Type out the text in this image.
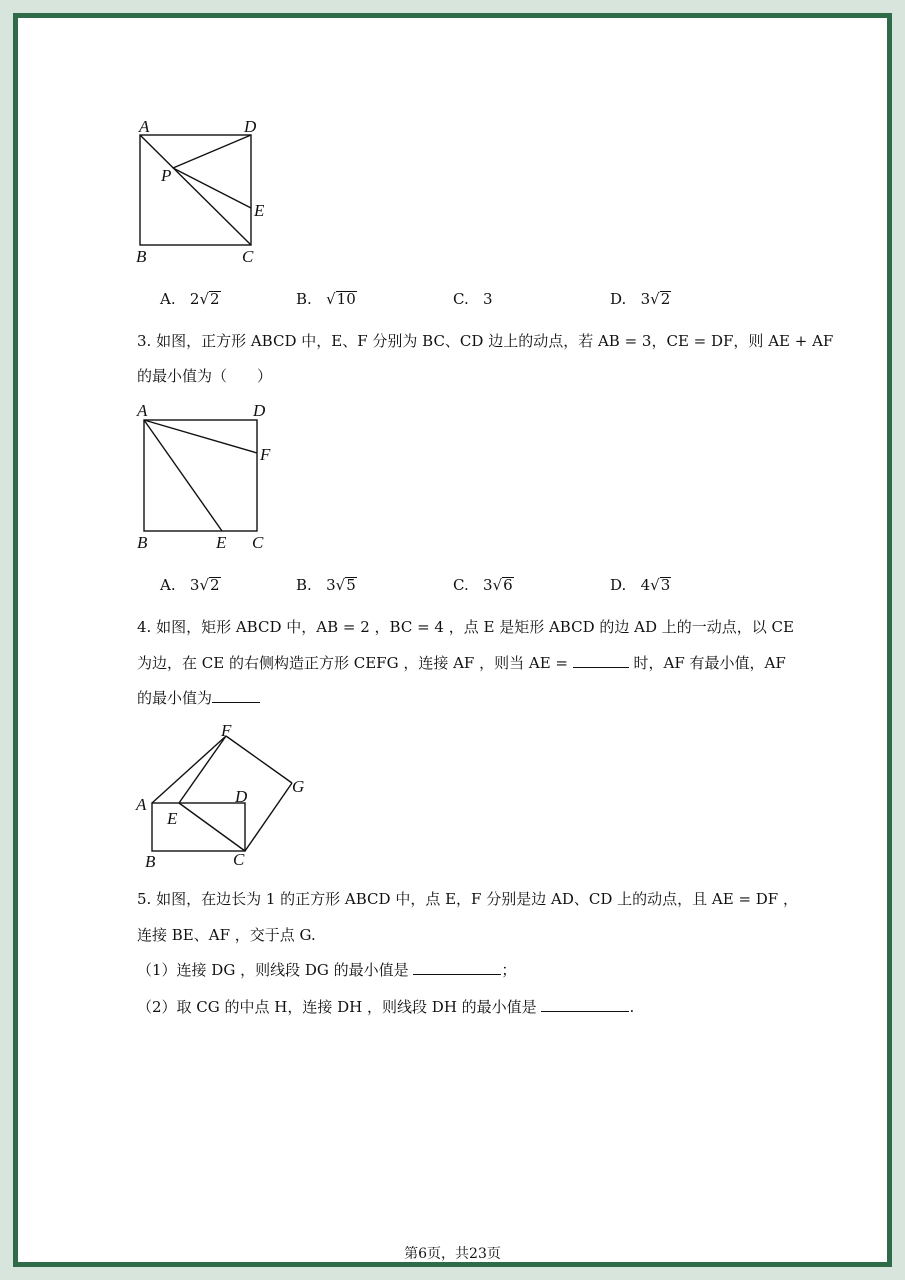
A	D
P
E
B	C
A. 2√2	B. √10	C. 3	D. 3√2
3. 如图，正方形 ABCD 中，E、F 分别为 BC、CD 边上的动点，若 AB = 3，CE = DF，则 AE + AF
的最小值为（　　）
A	D
F
B	E C
A. 3√2	B. 3√5	C. 3√6	D. 4√3
4. 如图，矩形 ABCD 中，AB = 2 ，BC = 4 ，点 E 是矩形 ABCD 的边 AD 上的一动点，以 CE
为边，在 CE 的右侧构造正方形 CEFG ，连接 AF ，则当 AE =	时，AF 有最小值，AF
的最小值为
F
G
A	D
E
B	C
5. 如图，在边长为 1 的正方形 ABCD 中，点 E，F 分别是边 AD、CD 上的动点，且 AE = DF ，
连接 BE、AF ，交于点 G.
（1）连接 DG ，则线段 DG 的最小值是	；
（2）取 CG 的中点 H，连接 DH ，则线段 DH 的最小值是	.
第6页，共23页
